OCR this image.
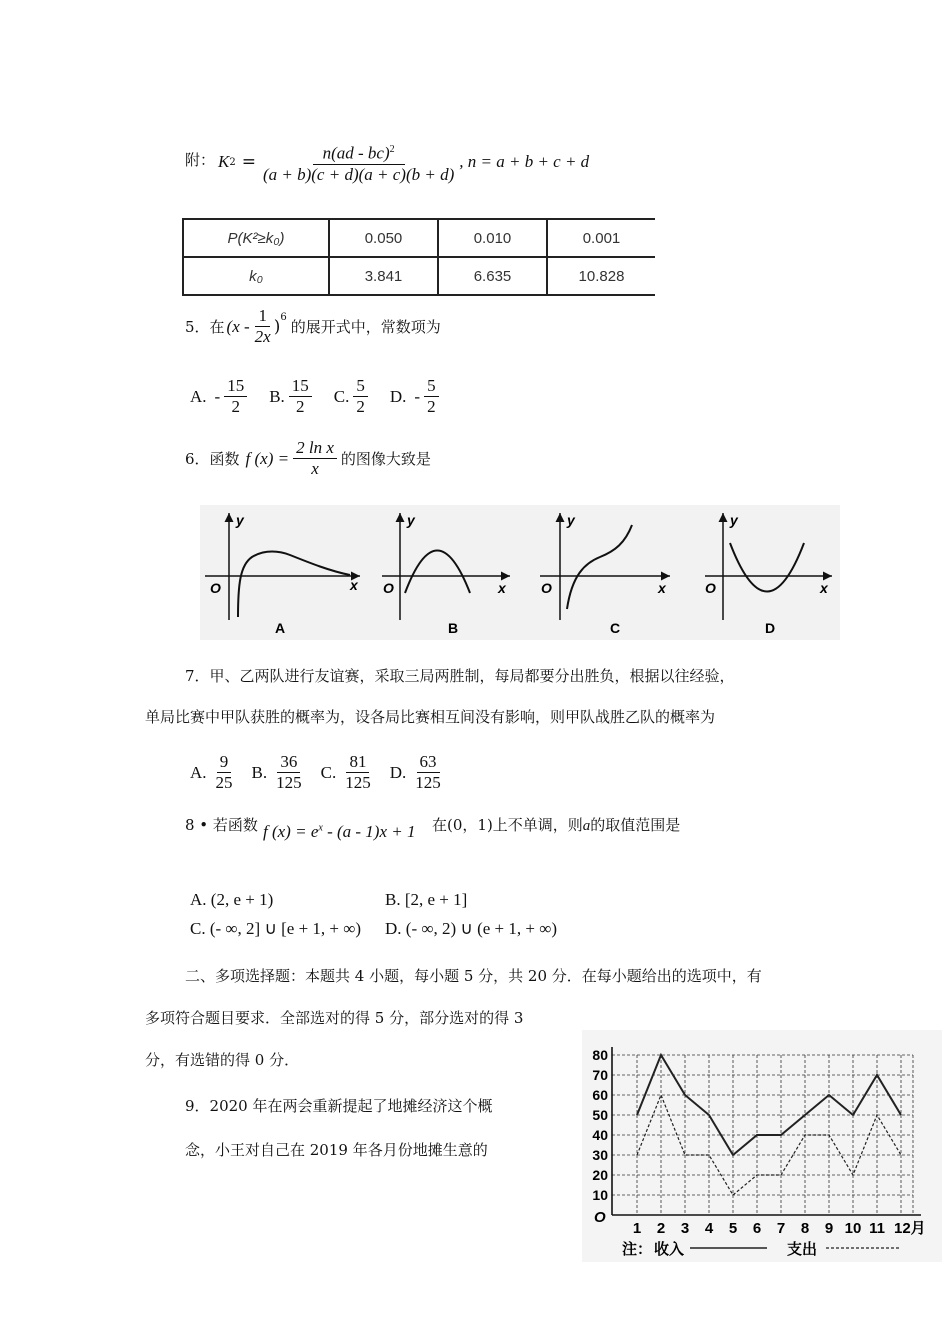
附： K $2 = \frac{n(ad - bc)^2}{(a + b)(c + d)(a + c)(b + d)}$ , n = a + b + c + d
P(K²≥k₀)	0.050	0.010	0.001
k₀	3.841	6.635	10.828
5．在 $(x - \frac{1}{2x} )^6$ 的展开式中，常数项为
A. - $\frac{15}{2} B$. $\frac{15}{2} C$. $\frac{5}{2} D$. - $\frac{5}{2}$
6．函数 f $(x) = \frac{\text{2 ln x}}{x}$ 的图像大致是
y
x
O
A
y
x
O
B
y
x
O
C
y
x
O
D
7．甲、乙两队进行友谊赛，采取三局两胜制，每局都要分出胜负，根据以往经验，
单局比赛中甲队获胜的概率为，设各局比赛相互间没有影响，则甲队战胜乙队的概率为
A. $\frac{9}{25} B$. $\frac{36}{125} C$. $\frac{81}{125} D$. $\frac{63}{125}$
8 • 若函数 f $(x) = e^x - (a - 1)x + 1$ 在(0，1)上不单调，则a的取值范围是
A. (2, e + 1)	B. [2, e + 1]
C. (- ∞, 2] ∪ [e + 1, + ∞) D. (- ∞, 2) ∪ (e + 1, + ∞)
二、多项选择题：本题共 4 小题，每小题 5 分，共 20 分．在每小题给出的选项中，有
多项符合题目要求．全部选对的得 5 分，部分选对的得 3
分，有选错的得 0 分．
9．2020 年在两会重新提起了地摊经济这个概
念，小王对自己在 2019 年各月份地摊生意的
10
20
30
40
50
60
70
80
1 2 3 4 5 6 7 8 9 10 11 12月
O
注： 收入	支出
